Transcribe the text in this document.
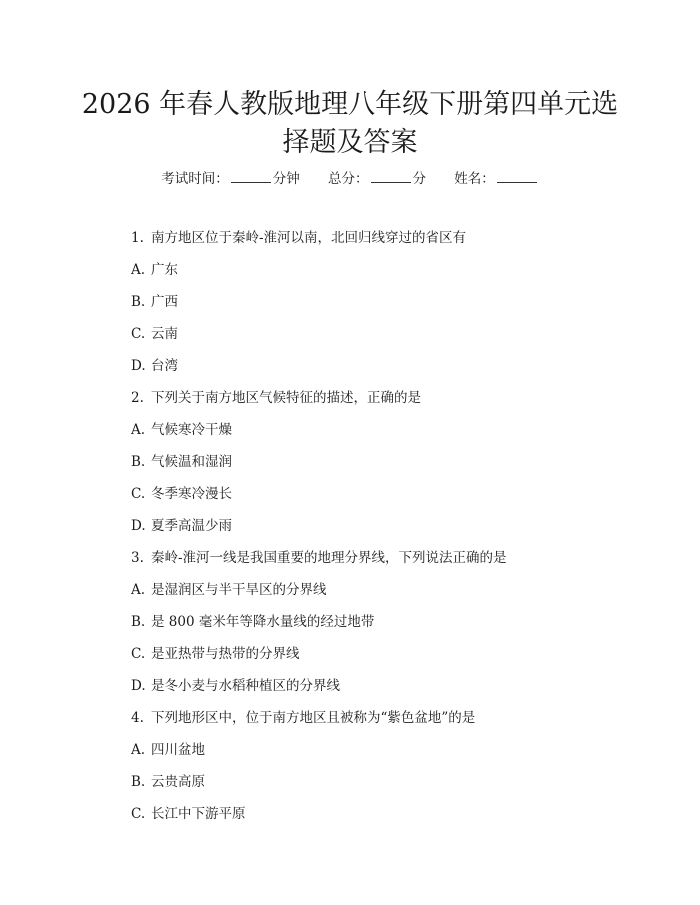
2026 年春人教版地理八年级下册第四单元选
择题及答案
考试时间：	分钟 总分：	分 姓名：
1. 南方地区位于秦岭-淮河以南，北回归线穿过的省区有
A. 广东
B. 广西
C. 云南
D. 台湾
2. 下列关于南方地区气候特征的描述，正确的是
A. 气候寒冷干燥
B. 气候温和湿润
C. 冬季寒冷漫长
D. 夏季高温少雨
3. 秦岭-淮河一线是我国重要的地理分界线，下列说法正确的是
A. 是湿润区与半干旱区的分界线
B. 是 800 毫米年等降水量线的经过地带
C. 是亚热带与热带的分界线
D. 是冬小麦与水稻种植区的分界线
4. 下列地形区中，位于南方地区且被称为“紫色盆地”的是
A. 四川盆地
B. 云贵高原
C. 长江中下游平原
